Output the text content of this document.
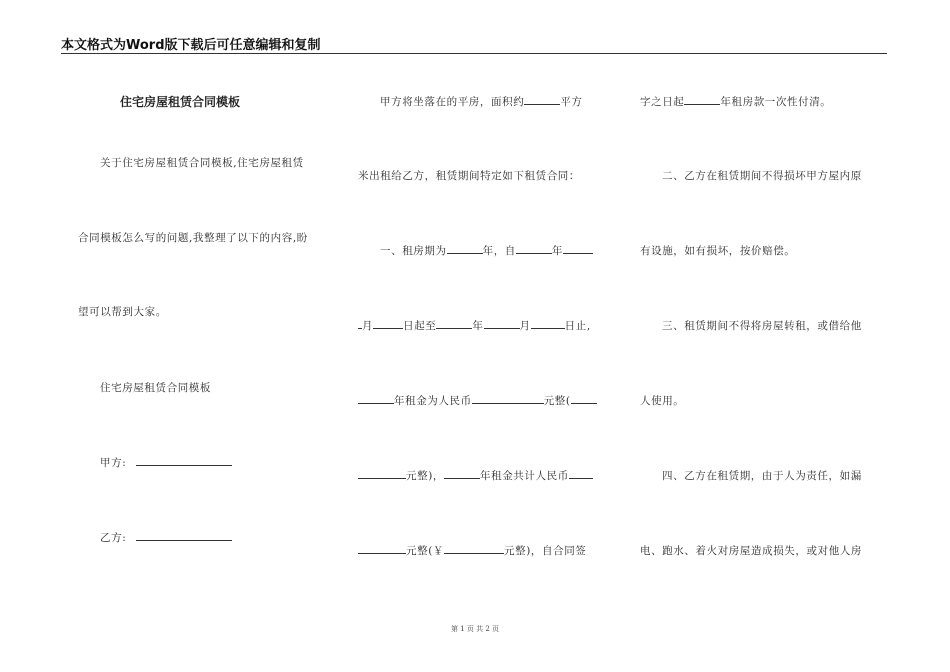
本文格式为Word版下载后可任意编辑和复制
住宅房屋租赁合同模板
关于住宅房屋租赁合同模板,住宅房屋租赁
合同模板怎么写的问题,我整理了以下的内容,盼
望可以帮到大家。
住宅房屋租赁合同模板
甲方:
乙方:
甲方将坐落在的平房，面积约	平方
米出租给乙方，租赁期间特定如下租赁合同：
一、租房期为	年，自	年
月	日起至	年	月	日止,
年租金为人民币	元整(
元整)，	年租金共计人民币
元整(￥	元整)，自合同签
字之日起	年租房款一次性付清。
二、乙方在租赁期间不得损坏甲方屋内原
有设施，如有损坏，按价赔偿。
三、租赁期间不得将房屋转租，或借给他
人使用。
四、乙方在租赁期，由于人为责任，如漏
电、跑水、着火对房屋造成损失，或对他人房
第 1 页 共 2 页
